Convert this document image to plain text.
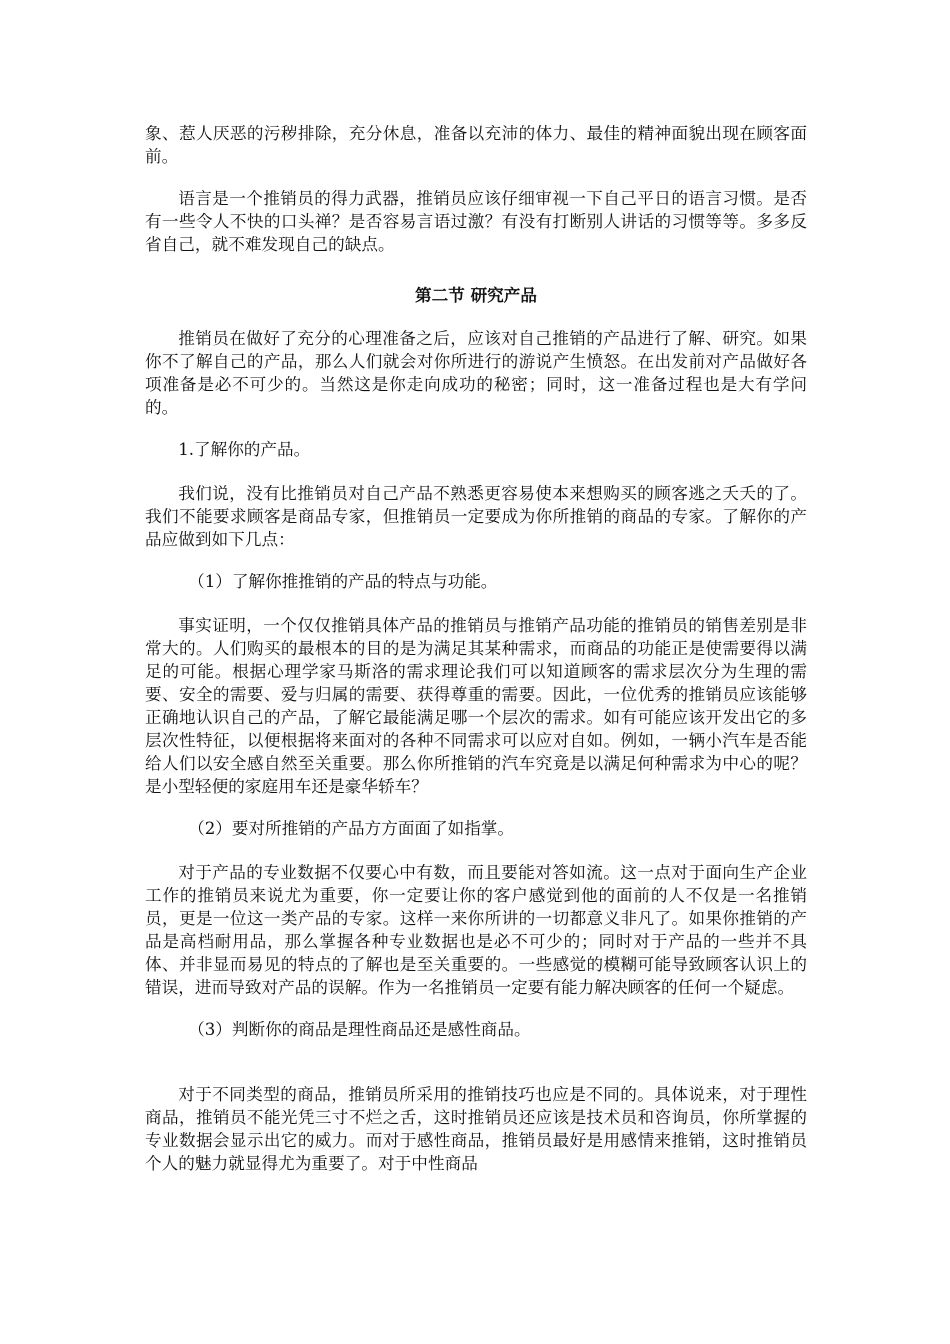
象、惹人厌恶的污秽排除，充分休息，准备以充沛的体力、最佳的精神面貌出现在顾客面前。

语言是一个推销员的得力武器，推销员应该仔细审视一下自己平日的语言习惯。是否有一些令人不快的口头禅？是否容易言语过激？有没有打断别人讲话的习惯等等。多多反省自己，就不难发现自己的缺点。

第二节 研究产品

推销员在做好了充分的心理准备之后，应该对自己推销的产品进行了解、研究。如果你不了解自己的产品，那么人们就会对你所进行的游说产生愤怒。在出发前对产品做好各项准备是必不可少的。当然这是你走向成功的秘密；同时，这一准备过程也是大有学问的。

1.了解你的产品。

我们说，没有比推销员对自己产品不熟悉更容易使本来想购买的顾客逃之夭夭的了。我们不能要求顾客是商品专家，但推销员一定要成为你所推销的商品的专家。了解你的产品应做到如下几点：

（1）了解你推推销的产品的特点与功能。

事实证明，一个仅仅推销具体产品的推销员与推销产品功能的推销员的销售差别是非常大的。人们购买的最根本的目的是为满足其某种需求，而商品的功能正是使需要得以满足的可能。根据心理学家马斯洛的需求理论我们可以知道顾客的需求层次分为生理的需要、安全的需要、爱与归属的需要、获得尊重的需要。因此，一位优秀的推销员应该能够正确地认识自己的产品，了解它最能满足哪一个层次的需求。如有可能应该开发出它的多层次性特征，以便根据将来面对的各种不同需求可以应对自如。例如，一辆小汽车是否能给人们以安全感自然至关重要。那么你所推销的汽车究竟是以满足何种需求为中心的呢？是小型轻便的家庭用车还是豪华轿车？

（2）要对所推销的产品方方面面了如指掌。

对于产品的专业数据不仅要心中有数，而且要能对答如流。这一点对于面向生产企业工作的推销员来说尤为重要，你一定要让你的客户感觉到他的面前的人不仅是一名推销员，更是一位这一类产品的专家。这样一来你所讲的一切都意义非凡了。如果你推销的产品是高档耐用品，那么掌握各种专业数据也是必不可少的；同时对于产品的一些并不具体、并非显而易见的特点的了解也是至关重要的。一些感觉的模糊可能导致顾客认识上的错误，进而导致对产品的误解。作为一名推销员一定要有能力解决顾客的任何一个疑虑。

（3）判断你的商品是理性商品还是感性商品。

对于不同类型的商品，推销员所采用的推销技巧也应是不同的。具体说来，对于理性商品，推销员不能光凭三寸不烂之舌，这时推销员还应该是技术员和咨询员，你所掌握的专业数据会显示出它的威力。而对于感性商品，推销员最好是用感情来推销，这时推销员个人的魅力就显得尤为重要了。对于中性商品
